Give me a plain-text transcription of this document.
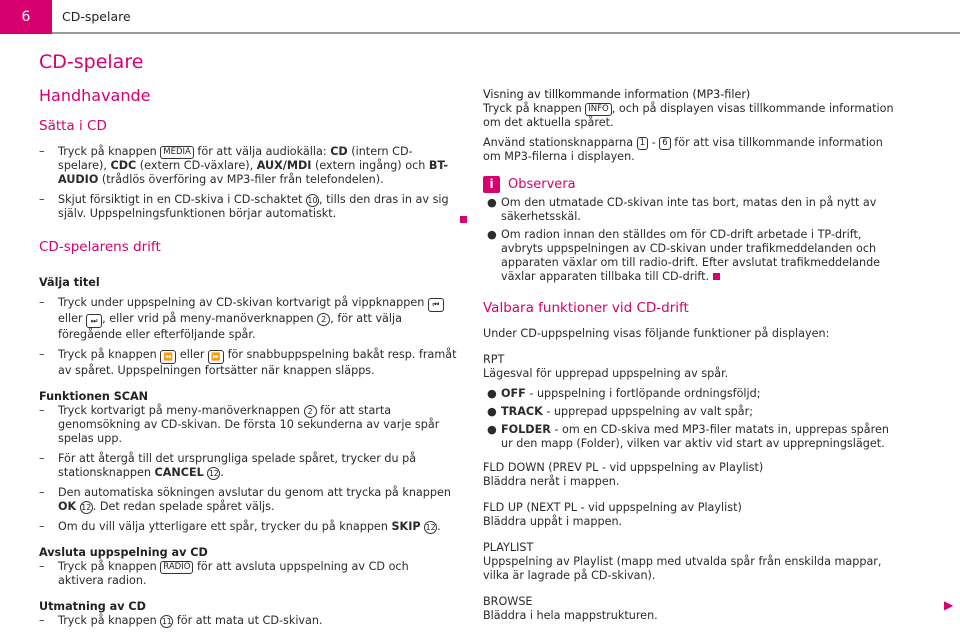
6	CD-spelare
CD-spelare
Handhavande
Sätta i CD
– Tryck på knappen MEDIA för att välja audiokälla: CD (intern CD-spelare), CDC (extern CD-växlare), AUX/MDI (extern ingång) och BT-AUDIO (trådlös överföring av MP3-filer från telefondelen).
– Skjut försiktigt in en CD-skiva i CD-schaktet 10 , tills den dras in av sig själv. Uppspelningsfunktionen börjar automatiskt.
CD-spelarens drift
Välja titel
– Tryck under uppspelning av CD-skivan kortvarigt på vippknappen ⏮ eller ⏭ , eller vrid på meny-manöverknappen 2 , för att välja föregående eller efterföljande spår.
– Tryck på knappen ⏪ eller ⏩ för snabbuppspelning bakåt resp. framåt av spåret. Uppspelningen fortsätter när knappen släpps.
Funktionen SCAN
– Tryck kortvarigt på meny-manöverknappen 2 för att starta genomsökning av CD-skivan. De första 10 sekunderna av varje spår spelas upp.
– För att återgå till det ursprungliga spelade spåret, trycker du på stationsknappen CANCEL 12 .
– Den automatiska sökningen avslutar du genom att trycka på knappen OK 12 . Det redan spelade spåret väljs.
– Om du vill välja ytterligare ett spår, trycker du på knappen SKIP 12 .
Avsluta uppspelning av CD
– Tryck på knappen RADIO för att avsluta uppspelning av CD och aktivera radion.
Utmatning av CD
– Tryck på knappen 11 för att mata ut CD-skivan.
Visning av tillkommande information (MP3-filer)
Tryck på knappen INFO , och på displayen visas tillkommande information om det aktuella spåret.
Använd stationsknapparna 1 - 6 för att visa tillkommande information om MP3-filerna i displayen.
i	Observera
● Om den utmatade CD-skivan inte tas bort, matas den in på nytt av säkerhetsskäl.
● Om radion innan den ställdes om för CD-drift arbetade i TP-drift, avbryts uppspelningen av CD-skivan under trafikmeddelanden och apparaten växlar om till radio-drift. Efter avslutat trafikmeddelande växlar apparaten tillbaka till CD-drift.
Valbara funktioner vid CD-drift
Under CD-uppspelning visas följande funktioner på displayen:
RPT
Lägesval för upprepad uppspelning av spår.
● OFF - uppspelning i fortlöpande ordningsföljd;
● TRACK - upprepad uppspelning av valt spår;
● FOLDER - om en CD-skiva med MP3-filer matats in, upprepas spåren ur den mapp (Folder), vilken var aktiv vid start av upprepningsläget.
FLD DOWN (PREV PL - vid uppspelning av Playlist)
Bläddra neråt i mappen.
FLD UP (NEXT PL - vid uppspelning av Playlist)
Bläddra uppåt i mappen.
PLAYLIST
Uppspelning av Playlist (mapp med utvalda spår från enskilda mappar, vilka är lagrade på CD-skivan).
BROWSE
Bläddra i hela mappstrukturen.
▶
